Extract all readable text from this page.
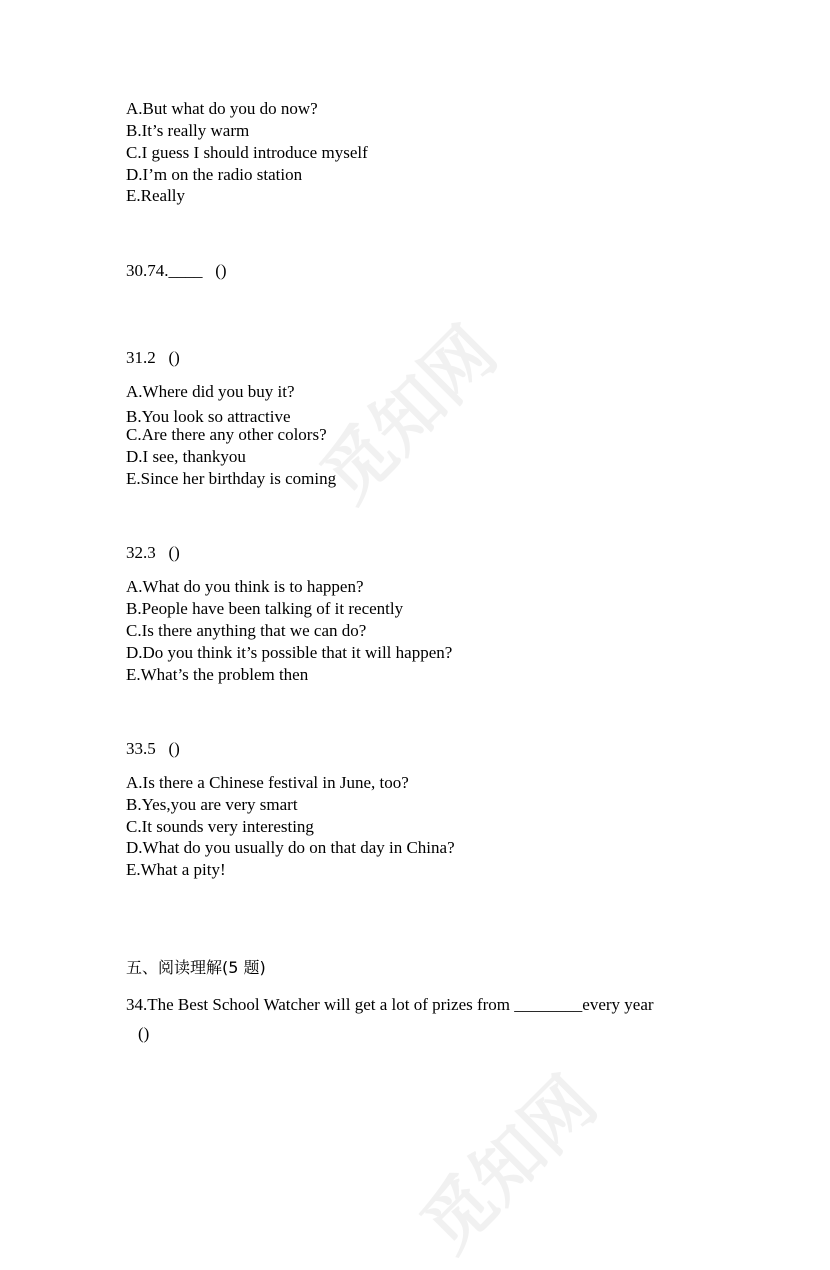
觅知网
觅知网
A.But what do you do now?
B.It’s really warm
C.I guess I should introduce myself
D.I’m on the radio station
E.Really
30.74.____   ()
31.2   ()
A.Where did you buy it?
B.You look so attractive
C.Are there any other colors?
D.I see, thankyou
E.Since her birthday is coming
32.3   ()
A.What do you think is to happen?
B.People have been talking of it recently
C.Is there anything that we can do?
D.Do you think it’s possible that it will happen?
E.What’s the problem then
33.5   ()
A.Is there a Chinese festival in June, too?
B.Yes,you are very smart
C.It sounds very interesting
D.What do you usually do on that day in China?
E.What a pity!
五、阅读理解(5 题)
34.The Best School Watcher will get a lot of prizes from ________every year
()
